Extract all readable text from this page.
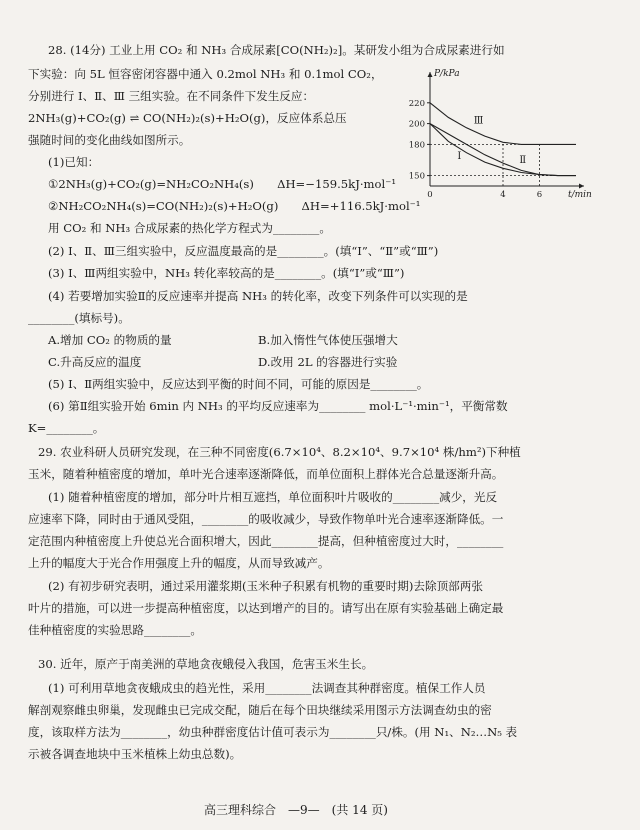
28. (14分) 工业上用 CO₂ 和 NH₃ 合成尿素[CO(NH₂)₂]。某研发小组为合成尿素进行如
下实验：向 5L 恒容密闭容器中通入 0.2mol NH₃ 和 0.1mol CO₂，
分别进行 Ⅰ、Ⅱ、Ⅲ 三组实验。在不同条件下发生反应：
2NH₃(g)+CO₂(g) ⇌ CO(NH₂)₂(s)+H₂O(g)，反应体系总压
强随时间的变化曲线如图所示。
(1)已知：
①2NH₃(g)+CO₂(g)=NH₂CO₂NH₄(s)　　ΔH=−159.5kJ·mol⁻¹
②NH₂CO₂NH₄(s)=CO(NH₂)₂(s)+H₂O(g)　　ΔH=+116.5kJ·mol⁻¹
用 CO₂ 和 NH₃ 合成尿素的热化学方程式为________。
(2) Ⅰ、Ⅱ、Ⅲ三组实验中，反应温度最高的是________。(填“Ⅰ”、“Ⅱ”或“Ⅲ”)
(3) Ⅰ、Ⅲ两组实验中，NH₃ 转化率较高的是________。(填“Ⅰ”或“Ⅲ”)
(4) 若要增加实验Ⅱ的反应速率并提高 NH₃ 的转化率，改变下列条件可以实现的是
________(填标号)。
A.增加 CO₂ 的物质的量	B.加入惰性气体使压强增大
C.升高反应的温度	D.改用 2L 的容器进行实验
(5) Ⅰ、Ⅱ两组实验中，反应达到平衡的时间不同，可能的原因是________。
(6) 第Ⅱ组实验开始 6min 内 NH₃ 的平均反应速率为________ mol·L⁻¹·min⁻¹，平衡常数
K=________。
P/kPa
t/min
220
200
180
150
0	4	6
Ⅲ
Ⅰ	Ⅱ
29. 农业科研人员研究发现，在三种不同密度(6.7×10⁴、8.2×10⁴、9.7×10⁴ 株/hm²)下种植
玉米，随着种植密度的增加，单叶光合速率逐渐降低，而单位面积上群体光合总量逐渐升高。
(1) 随着种植密度的增加，部分叶片相互遮挡，单位面积叶片吸收的________减少，光反
应速率下降，同时由于通风受阻，________的吸收减少，导致作物单叶光合速率逐渐降低。一
定范围内种植密度上升使总光合面积增大，因此________提高，但种植密度过大时，________
上升的幅度大于光合作用强度上升的幅度，从而导致减产。
(2) 有初步研究表明，通过采用灌浆期(玉米种子积累有机物的重要时期)去除顶部两张
叶片的措施，可以进一步提高种植密度，以达到增产的目的。请写出在原有实验基础上确定最
佳种植密度的实验思路________。
30. 近年，原产于南美洲的草地贪夜蛾侵入我国，危害玉米生长。
(1) 可利用草地贪夜蛾成虫的趋光性，采用________法调查其种群密度。植保工作人员
解剖观察雌虫卵巢，发现雌虫已完成交配，随后在每个田块继续采用图示方法调查幼虫的密
度，该取样方法为________，幼虫种群密度估计值可表示为________只/株。(用 N₁、N₂…N₅ 表
示被各调查地块中玉米植株上幼虫总数)。
高三理科综合　—9—　(共 14 页)
